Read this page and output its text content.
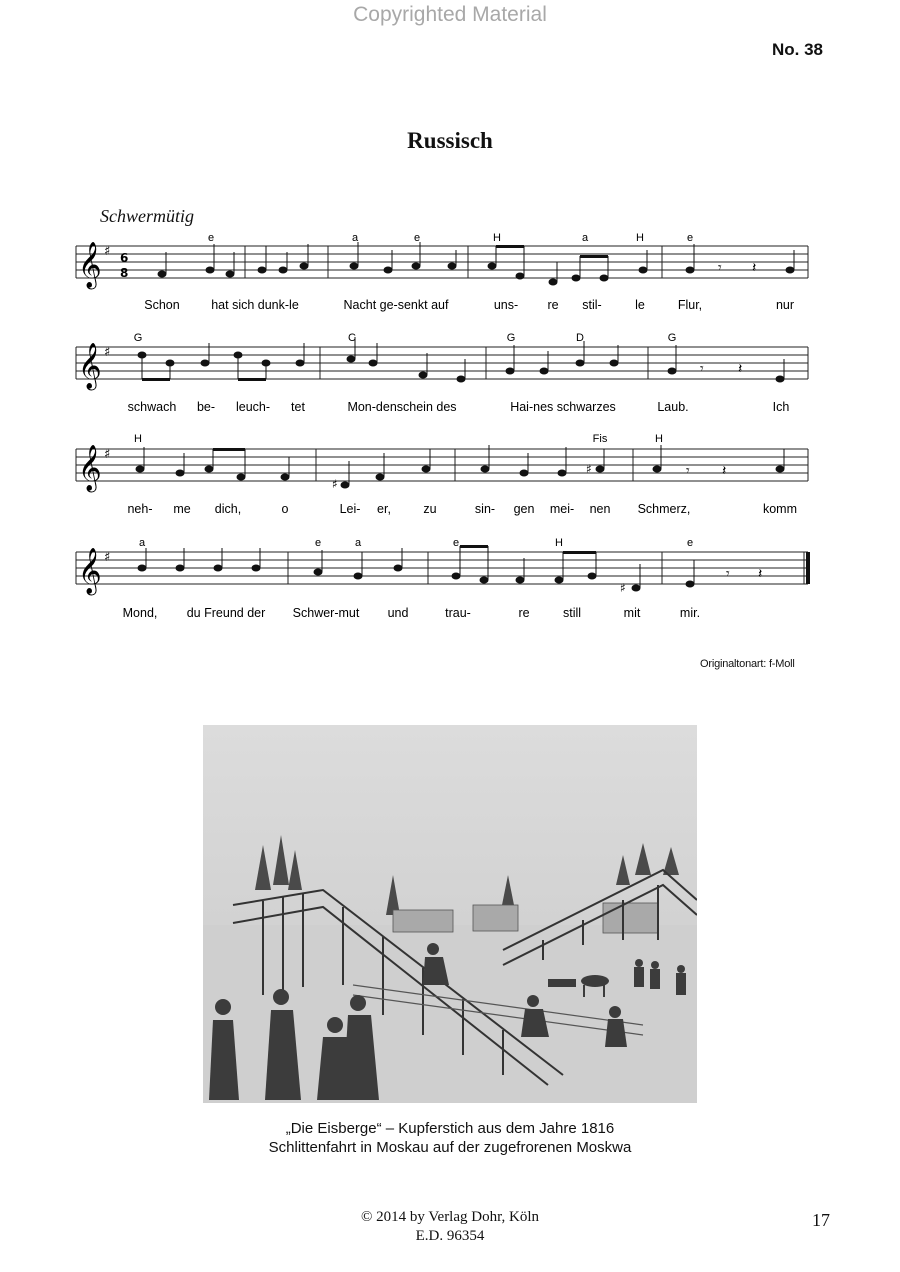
Copyrighted Material
No. 38
Russisch
Schwermütig
𝄞 ♯ 6
8	𝄾 𝄽
e	a	e	H	a	H	e
Schon	hat sich dunk-le	Nacht ge-senkt auf	uns- re stil-	le	Flur,	nur
𝄞 ♯
𝄾 𝄽
G	C	G	D	G
schwach be- leuch- tet	Mon-denschein des	Hai-nes schwarzes	Laub.	Ich
𝄞 ♯
♯
♯	𝄾 𝄽
H	Fis	H
neh- me dich,	o	Lei- er,	zu	sin- gen mei- nen Schmerz,	komm
𝄞 ♯
♯
𝄾 𝄽
a	e	a	e	H	e
Mond, du Freund der Schwer-mut und	trau-	re	still	mit	mir.
Originaltonart: f-Moll
„Die Eisberge“ – Kupferstich aus dem Jahre 1816
Schlittenfahrt in Moskau auf der zugefrorenen Moskwa
© 2014 by Verlag Dohr, Köln
E.D. 96354
17
